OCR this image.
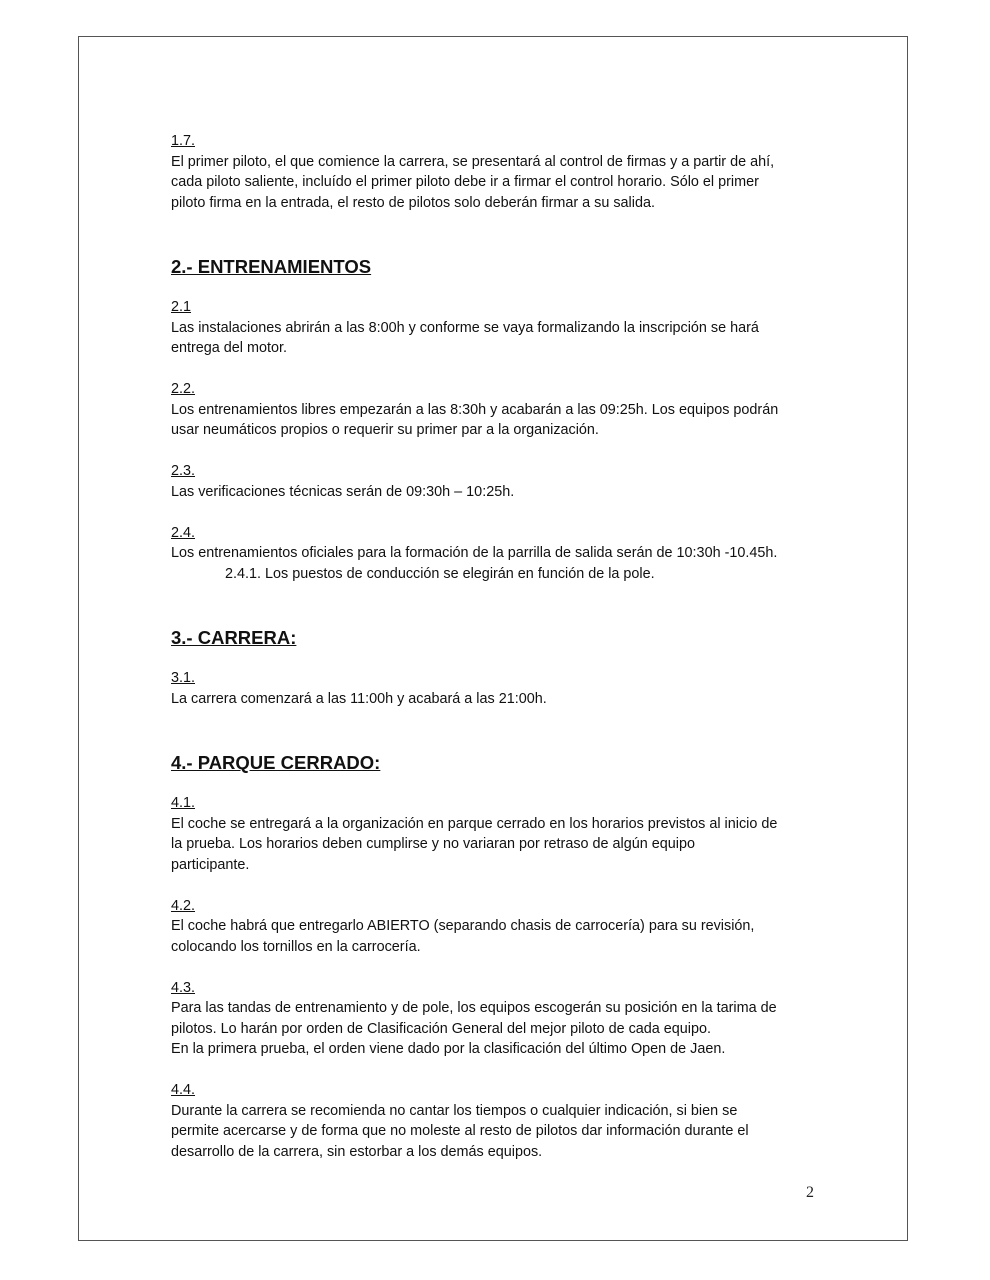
1.7.
El primer piloto, el que comience la carrera, se presentará al control de firmas y a partir de ahí,
cada piloto saliente, incluído el primer piloto debe ir a firmar el control horario. Sólo el primer
piloto firma en la entrada, el resto de pilotos solo deberán firmar a su salida.
2.- ENTRENAMIENTOS
2.1
Las instalaciones abrirán a las 8:00h y conforme se vaya formalizando la inscripción se hará
entrega del motor.
2.2.
Los entrenamientos libres empezarán a las 8:30h y acabarán a las 09:25h. Los equipos podrán
usar neumáticos propios o requerir su primer par a la organización.
2.3.
Las verificaciones técnicas serán de 09:30h – 10:25h.
2.4.
Los entrenamientos oficiales para la formación de la parrilla de salida serán de 10:30h -10.45h.
2.4.1. Los puestos de conducción se elegirán en función de la pole.
3.- CARRERA:
3.1.
La carrera comenzará a las 11:00h y acabará a las 21:00h.
4.- PARQUE CERRADO:
4.1.
El coche se entregará a la organización en parque cerrado en los horarios previstos al inicio de
la prueba. Los horarios deben cumplirse y no variaran por retraso de algún equipo
participante.
4.2.
El coche habrá que entregarlo ABIERTO (separando chasis de carrocería) para su revisión,
colocando los tornillos en la carrocería.
4.3.
Para las tandas de entrenamiento y de pole, los equipos escogerán su posición en la tarima de
pilotos. Lo harán por orden de Clasificación General del mejor piloto de cada equipo.
En la primera prueba, el orden viene dado por la clasificación del último Open de Jaen.
4.4.
Durante la carrera se recomienda no cantar los tiempos o cualquier indicación, si bien se
permite acercarse y de forma que no moleste al resto de pilotos dar información durante el
desarrollo de la carrera, sin estorbar a los demás equipos.
2
